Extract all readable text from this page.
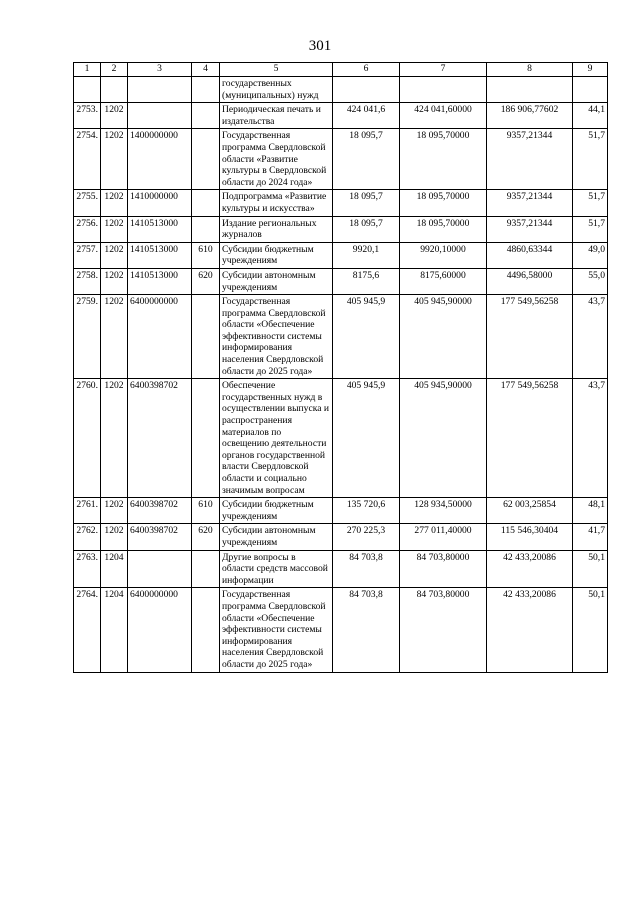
301
1	2	3	4	5	6	7	8	9
				государственных (муниципальных) нужд				
2753.	1202			Периодическая печать и издательства	424 041,6	424 041,60000	186 906,77602	44,1
2754.	1202	1400000000		Государственная программа Свердловской области «Развитие культуры в Свердловской области до 2024 года»	18 095,7	18 095,70000	9357,21344	51,7
2755.	1202	1410000000		Подпрограмма «Развитие культуры и искусства»	18 095,7	18 095,70000	9357,21344	51,7
2756.	1202	1410513000		Издание региональных журналов	18 095,7	18 095,70000	9357,21344	51,7
2757.	1202	1410513000	610	Субсидии бюджетным учреждениям	9920,1	9920,10000	4860,63344	49,0
2758.	1202	1410513000	620	Субсидии автономным учреждениям	8175,6	8175,60000	4496,58000	55,0
2759.	1202	6400000000		Государственная программа Свердловской области «Обеспечение эффективности системы информирования населения Свердловской области до 2025 года»	405 945,9	405 945,90000	177 549,56258	43,7
2760.	1202	6400398702		Обеспечение государственных нужд в осуществлении выпуска и распространения материалов по освещению деятельности органов государственной власти Свердловской области и социально значимым вопросам	405 945,9	405 945,90000	177 549,56258	43,7
2761.	1202	6400398702	610	Субсидии бюджетным учреждениям	135 720,6	128 934,50000	62 003,25854	48,1
2762.	1202	6400398702	620	Субсидии автономным учреждениям	270 225,3	277 011,40000	115 546,30404	41,7
2763.	1204			Другие вопросы в области средств массовой информации	84 703,8	84 703,80000	42 433,20086	50,1
2764.	1204	6400000000		Государственная программа Свердловской области «Обеспечение эффективности системы информирования населения Свердловской области до 2025 года»	84 703,8	84 703,80000	42 433,20086	50,1
